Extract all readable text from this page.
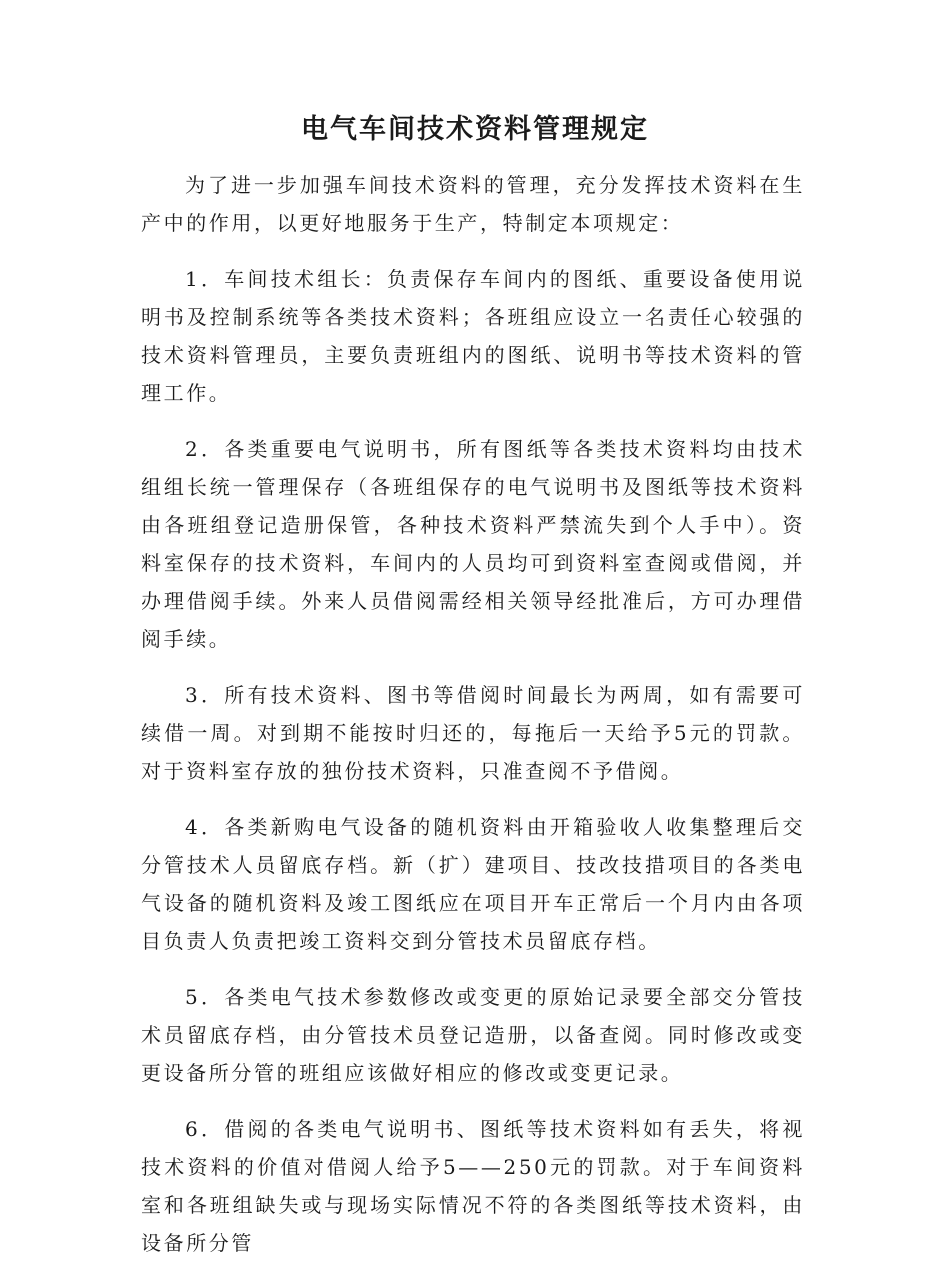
电气车间技术资料管理规定

为了进一步加强车间技术资料的管理，充分发挥技术资料在生产中的作用，以更好地服务于生产，特制定本项规定：

1．车间技术组长：负责保存车间内的图纸、重要设备使用说明书及控制系统等各类技术资料；各班组应设立一名责任心较强的技术资料管理员，主要负责班组内的图纸、说明书等技术资料的管理工作。

2．各类重要电气说明书，所有图纸等各类技术资料均由技术组组长统一管理保存（各班组保存的电气说明书及图纸等技术资料由各班组登记造册保管，各种技术资料严禁流失到个人手中）。资料室保存的技术资料，车间内的人员均可到资料室查阅或借阅，并办理借阅手续。外来人员借阅需经相关领导经批准后，方可办理借阅手续。

3．所有技术资料、图书等借阅时间最长为两周，如有需要可续借一周。对到期不能按时归还的，每拖后一天给予5元的罚款。对于资料室存放的独份技术资料，只准查阅不予借阅。

4．各类新购电气设备的随机资料由开箱验收人收集整理后交分管技术人员留底存档。新（扩）建项目、技改技措项目的各类电气设备的随机资料及竣工图纸应在项目开车正常后一个月内由各项目负责人负责把竣工资料交到分管技术员留底存档。

5．各类电气技术参数修改或变更的原始记录要全部交分管技术员留底存档，由分管技术员登记造册，以备查阅。同时修改或变更设备所分管的班组应该做好相应的修改或变更记录。

6．借阅的各类电气说明书、图纸等技术资料如有丢失，将视技术资料的价值对借阅人给予5——250元的罚款。对于车间资料室和各班组缺失或与现场实际情况不符的各类图纸等技术资料，由设备所分管
